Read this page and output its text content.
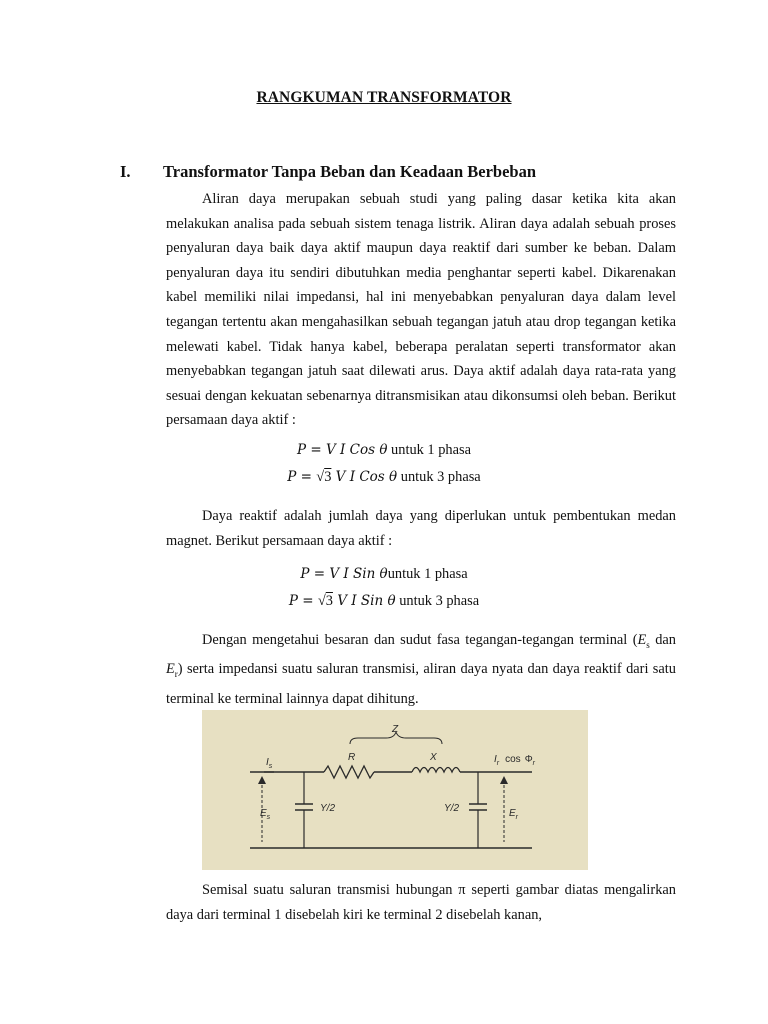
RANGKUMAN TRANSFORMATOR
I. Transformator Tanpa Beban dan Keadaan Berbeban
Aliran daya merupakan sebuah studi yang paling dasar ketika kita akan melakukan analisa pada sebuah sistem tenaga listrik. Aliran daya adalah sebuah proses penyaluran daya baik daya aktif maupun daya reaktif dari sumber ke beban. Dalam penyaluran daya itu sendiri dibutuhkan media penghantar seperti kabel. Dikarenakan kabel memiliki nilai impedansi, hal ini menyebabkan penyaluran daya dalam level tegangan tertentu akan mengahasilkan sebuah tegangan jatuh atau drop tegangan ketika melewati kabel. Tidak hanya kabel, beberapa peralatan seperti transformator akan menyebabkan tegangan jatuh saat dilewati arus. Daya aktif adalah daya rata-rata yang sesuai dengan kekuatan sebenarnya ditransmisikan atau dikonsumsi oleh beban. Berikut persamaan daya aktif :
P = V I Cos θ untuk 1 phasa
P = √3 V I Cos θ untuk 3 phasa
Daya reaktif adalah jumlah daya yang diperlukan untuk pembentukan medan magnet. Berikut persamaan daya aktif :
P = V I Sin θuntuk 1 phasa
P = √3 V I Sin θ untuk 3 phasa
Dengan mengetahui besaran dan sudut fasa tegangan-tegangan terminal ($E_s$ dan $E_r$) serta impedansi suatu saluran transmisi, aliran daya nyata dan daya reaktif dari satu terminal ke terminal lainnya dapat dihitung.
Z
R	X
Y/2	Y/2
$E_s$	$E_r$
$I_s$
$I_r$ $\cos \Phi_r$
Semisal suatu saluran transmisi hubungan π seperti gambar diatas mengalirkan daya dari terminal 1 disebelah kiri ke terminal 2 disebelah kanan,
